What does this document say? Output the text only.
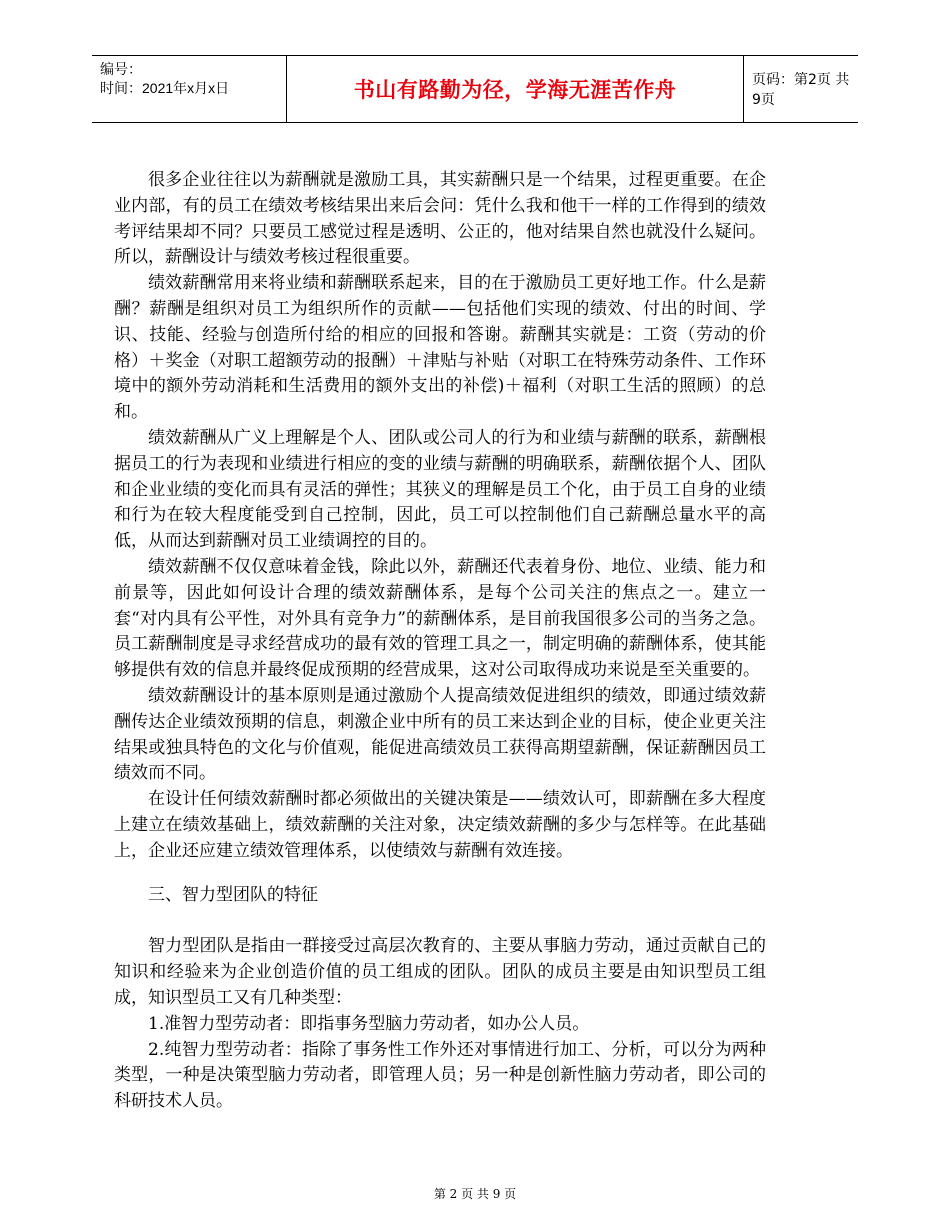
编号：
时间：2021年x月x日	书山有路勤为径，学海无涯苦作舟	页码：第2页 共9页

很多企业往往以为薪酬就是激励工具，其实薪酬只是一个结果，过程更重要。在企业内部，有的员工在绩效考核结果出来后会问：凭什么我和他干一样的工作得到的绩效考评结果却不同？只要员工感觉过程是透明、公正的，他对结果自然也就没什么疑问。所以，薪酬设计与绩效考核过程很重要。

绩效薪酬常用来将业绩和薪酬联系起来，目的在于激励员工更好地工作。什么是薪酬？薪酬是组织对员工为组织所作的贡献——包括他们实现的绩效、付出的时间、学识、技能、经验与创造所付给的相应的回报和答谢。薪酬其实就是：工资（劳动的价格）＋奖金（对职工超额劳动的报酬）＋津贴与补贴（对职工在特殊劳动条件、工作环境中的额外劳动消耗和生活费用的额外支出的补偿)＋福利（对职工生活的照顾）的总和。

绩效薪酬从广义上理解是个人、团队或公司人的行为和业绩与薪酬的联系，薪酬根据员工的行为表现和业绩进行相应的变的业绩与薪酬的明确联系，薪酬依据个人、团队和企业业绩的变化而具有灵活的弹性；其狭义的理解是员工个化，由于员工自身的业绩和行为在较大程度能受到自己控制，因此，员工可以控制他们自己薪酬总量水平的高低，从而达到薪酬对员工业绩调控的目的。

绩效薪酬不仅仅意味着金钱，除此以外，薪酬还代表着身份、地位、业绩、能力和前景等，因此如何设计合理的绩效薪酬体系，是每个公司关注的焦点之一。建立一套“对内具有公平性，对外具有竞争力”的薪酬体系，是目前我国很多公司的当务之急。员工薪酬制度是寻求经营成功的最有效的管理工具之一，制定明确的薪酬体系，使其能够提供有效的信息并最终促成预期的经营成果，这对公司取得成功来说是至关重要的。

绩效薪酬设计的基本原则是通过激励个人提高绩效促进组织的绩效，即通过绩效薪酬传达企业绩效预期的信息，刺激企业中所有的员工来达到企业的目标，使企业更关注结果或独具特色的文化与价值观，能促进高绩效员工获得高期望薪酬，保证薪酬因员工绩效而不同。

在设计任何绩效薪酬时都必须做出的关键决策是——绩效认可，即薪酬在多大程度上建立在绩效基础上，绩效薪酬的关注对象，决定绩效薪酬的多少与怎样等。在此基础上，企业还应建立绩效管理体系，以使绩效与薪酬有效连接。

三、智力型团队的特征

智力型团队是指由一群接受过高层次教育的、主要从事脑力劳动，通过贡献自己的知识和经验来为企业创造价值的员工组成的团队。团队的成员主要是由知识型员工组成，知识型员工又有几种类型：

1.准智力型劳动者：即指事务型脑力劳动者，如办公人员。

2.纯智力型劳动者：指除了事务性工作外还对事情进行加工、分析，可以分为两种类型，一种是决策型脑力劳动者，即管理人员；另一种是创新性脑力劳动者，即公司的科研技术人员。

第 2 页 共 9 页
